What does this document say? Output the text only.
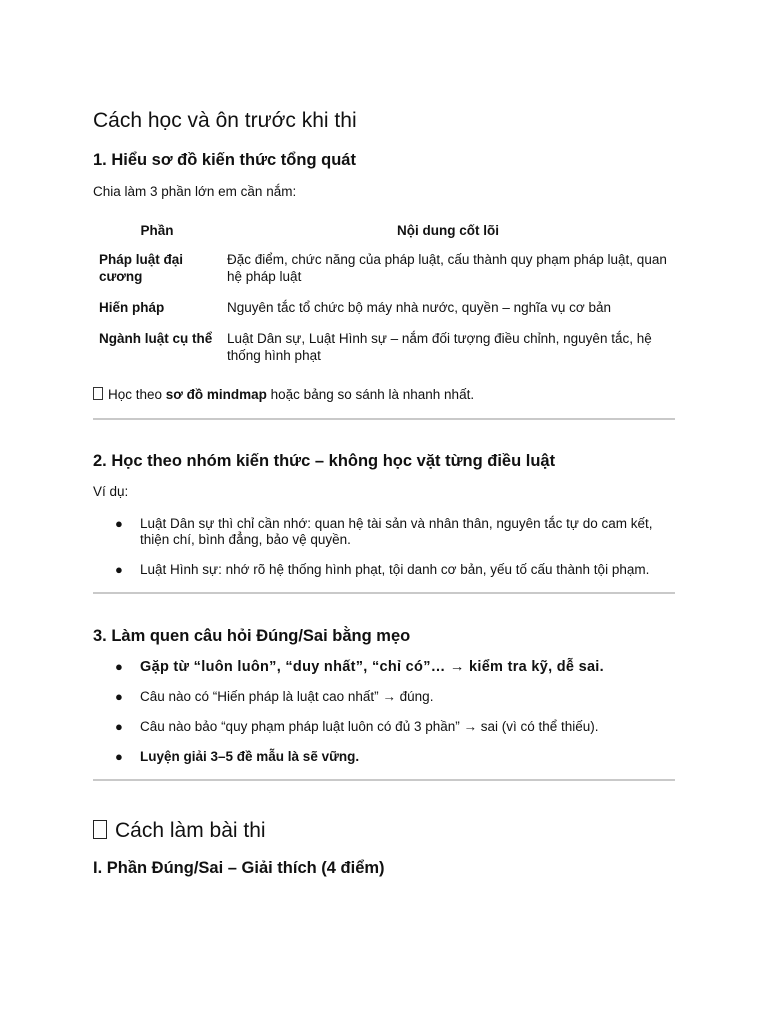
Cách học và ôn trước khi thi
1. Hiểu sơ đồ kiến thức tổng quát

Chia làm 3 phần lớn em cần nắm:

Phần	Nội dung cốt lõi
Pháp luật đại cương	Đặc điểm, chức năng của pháp luật, cấu thành quy phạm pháp luật, quan hệ pháp luật
Hiến pháp	Nguyên tắc tổ chức bộ máy nhà nước, quyền – nghĩa vụ cơ bản
Ngành luật cụ thể	Luật Dân sự, Luật Hình sự – nắm đối tượng điều chỉnh, nguyên tắc, hệ thống hình phạt

Học theo sơ đồ mindmap hoặc bảng so sánh là nhanh nhất.

2. Học theo nhóm kiến thức – không học vặt từng điều luật

Ví dụ:

● Luật Dân sự thì chỉ cần nhớ: quan hệ tài sản và nhân thân, nguyên tắc tự do cam kết, thiện chí, bình đẳng, bảo vệ quyền.
● Luật Hình sự: nhớ rõ hệ thống hình phạt, tội danh cơ bản, yếu tố cấu thành tội phạm.
3. Làm quen câu hỏi Đúng/Sai bằng mẹo
● Gặp từ “luôn luôn”, “duy nhất”, “chỉ có”… → kiểm tra kỹ, dễ sai.
● Câu nào có “Hiến pháp là luật cao nhất” → đúng.
● Câu nào bảo “quy phạm pháp luật luôn có đủ 3 phần” → sai (vì có thể thiếu).
● Luyện giải 3–5 đề mẫu là sẽ vững.
Cách làm bài thi
I. Phần Đúng/Sai – Giải thích (4 điểm)
